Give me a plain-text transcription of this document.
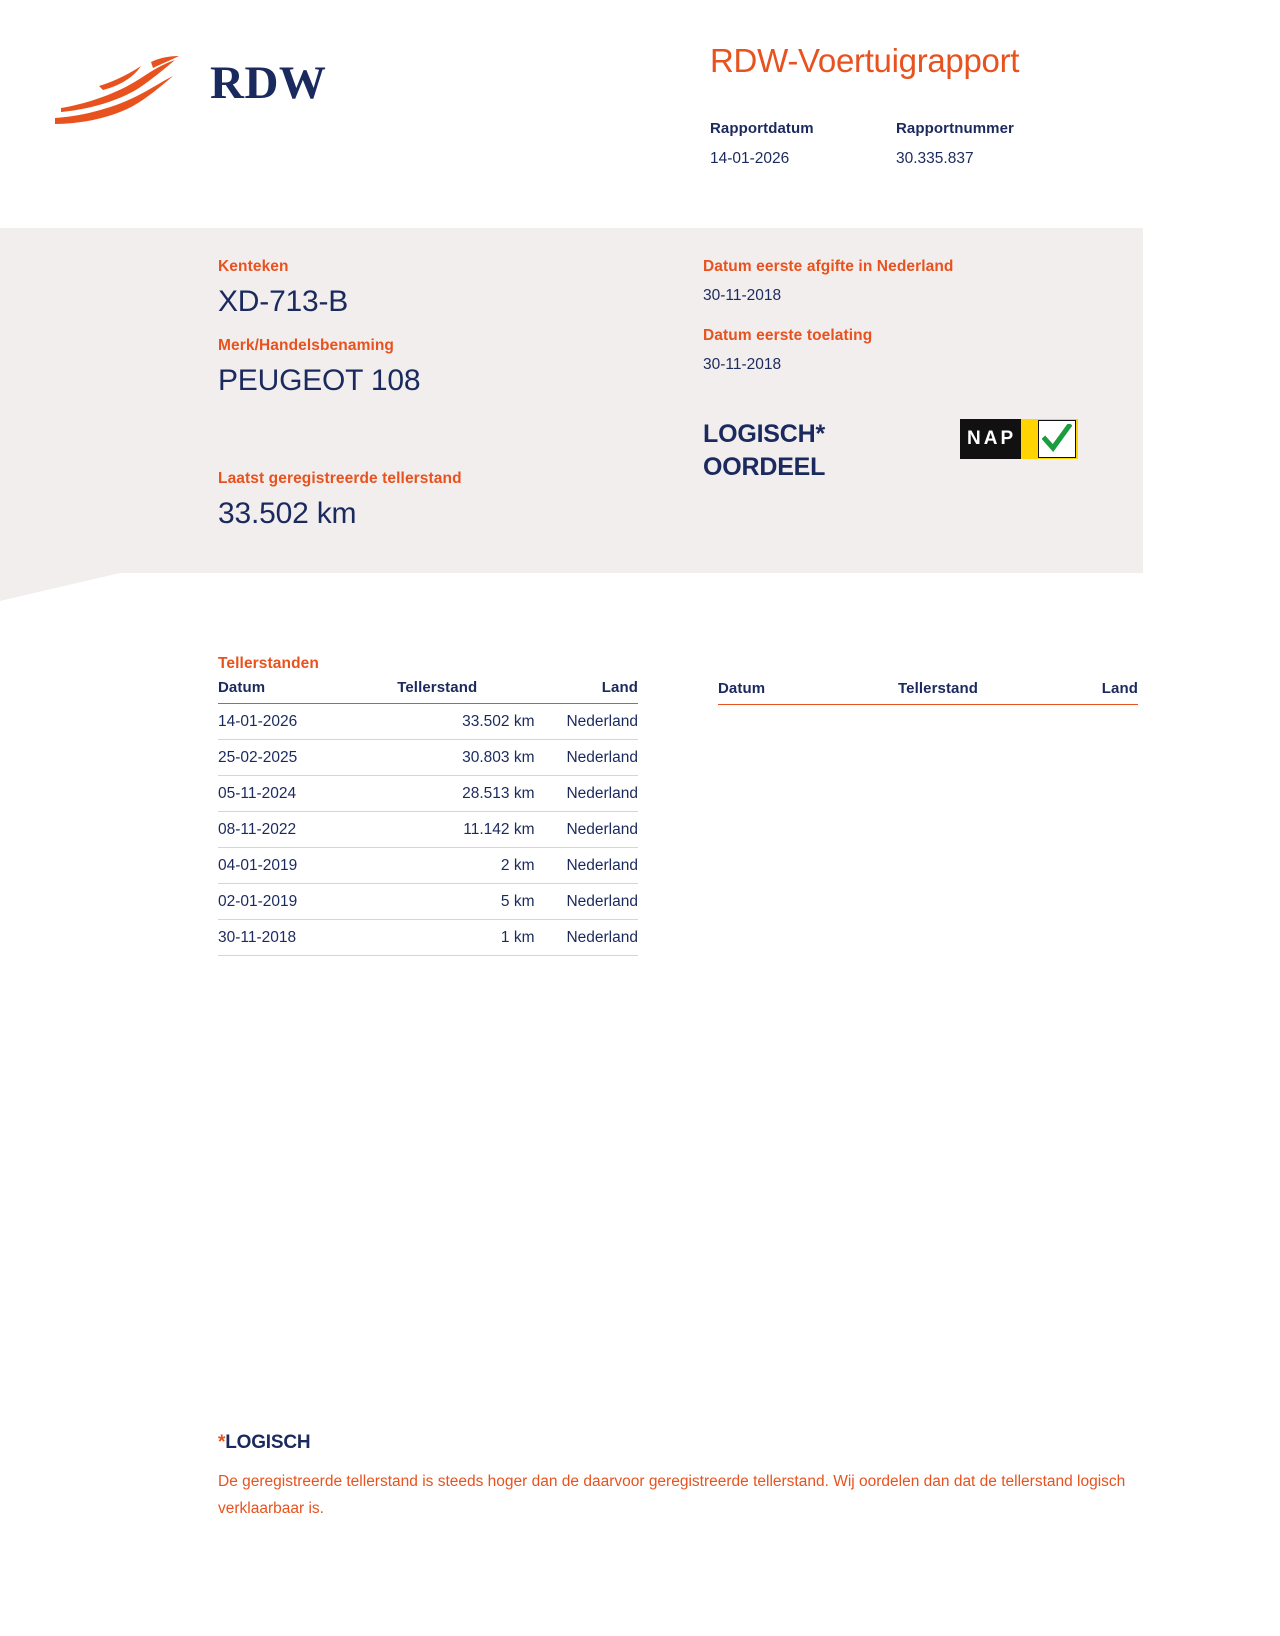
RDW	RDW-Voertuigrapport
Rapportdatum
14-01-2026
Rapportnummer
30.335.837
Kenteken
XD-713-B
Merk/Handelsbenaming
PEUGEOT 108
Laatst geregistreerde tellerstand
33.502 km
Datum eerste afgifte in Nederland
30-11-2018
Datum eerste toelating
30-11-2018
LOGISCH*
OORDEEL
NAP
Tellerstanden
Datum	Tellerstand	Land
14-01-2026	33.502 km	Nederland
25-02-2025	30.803 km	Nederland
05-11-2024	28.513 km	Nederland
08-11-2022	11.142 km	Nederland
04-01-2019	2 km	Nederland
02-01-2019	5 km	Nederland
30-11-2018	1 km	Nederland
Datum	Tellerstand	Land
*LOGISCH
De geregistreerde tellerstand is steeds hoger dan de daarvoor geregistreerde tellerstand. Wij oordelen dan dat de tellerstand logisch verklaarbaar is.
